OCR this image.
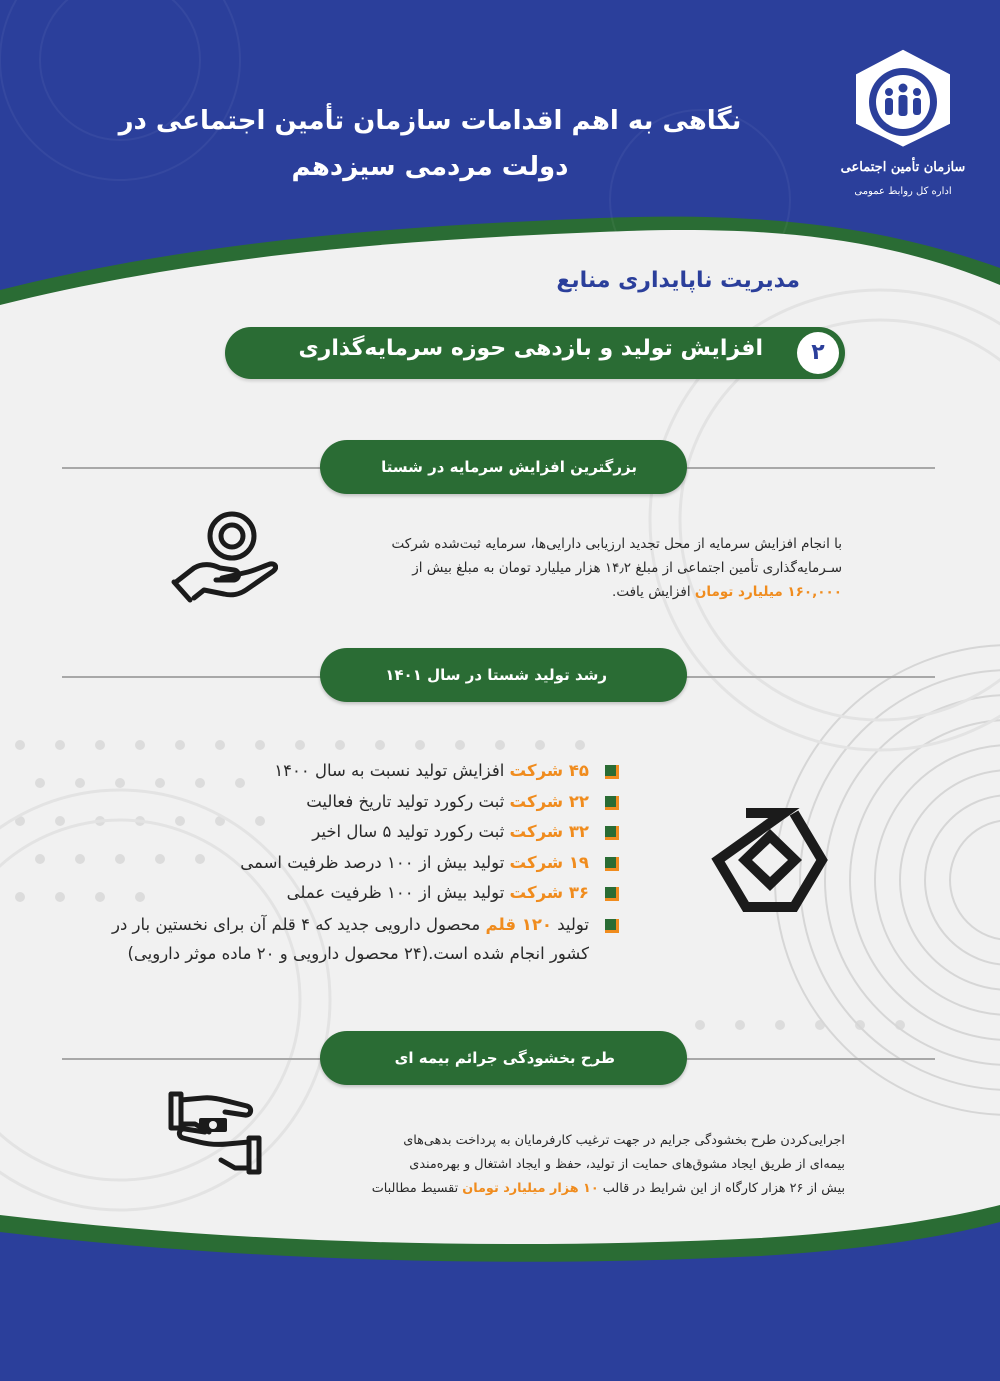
نگاهی به اهم اقدامات سازمان تأمین اجتماعی در
دولت مردمی سیزدهم	سازمان تأمین اجتماعی
اداره کل روابط عمومی
مدیریت ناپایداری منابع
۲
افزایش تولید و بازدهی حوزه سرمایه‌گذاری
بزرگترین افزایش سرمایه در شستا
با انجام افزایش سرمایه از محل تجدید ارزیابی دارایی‌ها، سرمایه ثبت‌شده شرکت
سـرمایه‌گذاری تأمین اجتماعی از مبلغ ۱۴٫۲ هزار میلیارد تومان به مبلغ بیش از
۱۶۰,۰۰۰ میلیارد تومان افزایش یافت.
رشد تولید شستا در سال ۱۴۰۱
۴۵ شرکت افزایش تولید نسبت به سال ۱۴۰۰
۲۲ شرکت ثبت رکورد تولید تاریخ فعالیت
۳۲ شرکت ثبت رکورد تولید ۵ سال اخیر
۱۹ شرکت تولید بیش از ۱۰۰ درصد ظرفیت اسمی
۳۶ شرکت تولید بیش از ۱۰۰ ظرفیت عملی
تولید ۱۲۰ قلم محصول دارویی جدید که ۴ قلم آن برای نخستین بار در
کشور انجام شده است.(۲۴ محصول دارویی و ۲۰ ماده موثر دارویی)
طرح بخشودگی جرائم بیمه ای
اجرایی‌کردن طرح بخشودگی جرایم در جهت ترغیب کارفرمایان به پرداخت بدهی‌های
بیمه‌ای از طریق ایجاد مشوق‌های حمایت از تولید، حفظ و ایجاد اشتغال و بهره‌مندی
بیش از ۲۶ هزار کارگاه از این شرایط در قالب ۱۰ هزار میلیارد تومان تقسیط مطالبات
